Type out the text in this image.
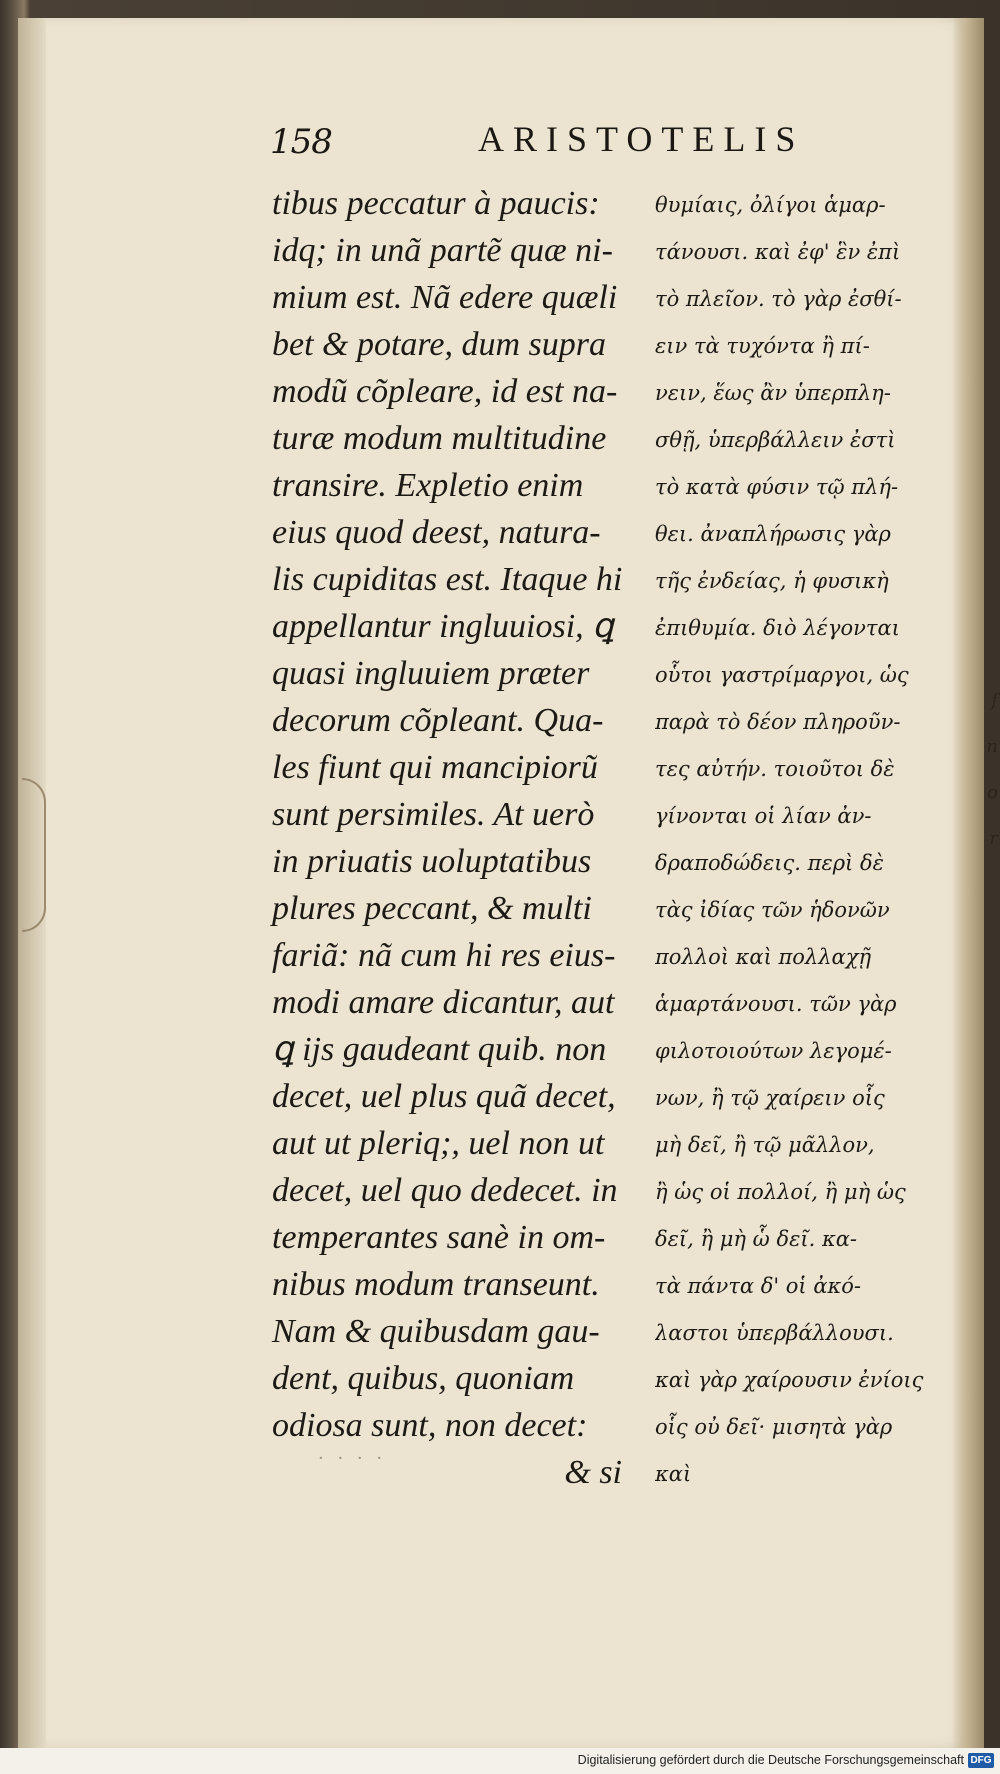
158	ARISTOTELIS
tibus peccatur à paucis:
idq; in unã partẽ quæ ni-
mium est. Nã edere quæli
bet & potare, dum supra
modũ cõpleare, id est na-
turæ modum multitudine
transire. Expletio enim
eius quod deest, natura-
lis cupiditas est. Itaque hi
appellantur ingluuiosi, ꝗ
quasi ingluuiem præter
decorum cõpleant. Qua-
les fiunt qui mancipiorũ
sunt persimiles. At uerò
in priuatis uoluptatibus
plures peccant, & multi
fariã: nã cum hi res eius-
modi amare dicantur, aut
ꝗ ijs gaudeant quib. non
decet, uel plus quã decet,
aut ut pleriq;, uel non ut
decet, uel quo dedecet. in
temperantes sanè in om-
nibus modum transeunt.
Nam & quibusdam gau-
dent, quibus, quoniam
odiosa sunt, non decet:
& si
θυμίαις, ὀλίγοι ἁμαρ-
τάνουσι. καὶ ἐφ' ἓν ἐπὶ
τὸ πλεῖον. τὸ γὰρ ἐσθί-
ειν τὰ τυχόντα ἢ πί-
νειν, ἕως ἂν ὑπερπλη-
σθῇ, ὑπερβάλλειν ἐστὶ
τὸ κατὰ φύσιν τῷ πλή-
θει. ἀναπλήρωσις γὰρ
τῆς ἐνδείας, ἡ φυσικὴ
ἐπιθυμία. διὸ λέγονται
οὗτοι γαστρίμαργοι, ὡς
παρὰ τὸ δέον πληροῦν-
τες αὐτήν. τοιοῦτοι δὲ
γίνονται οἱ λίαν ἀν-
δραποδώδεις. περὶ δὲ
τὰς ἰδίας τῶν ἡδονῶν
πολλοὶ καὶ πολλαχῇ
ἁμαρτάνουσι. τῶν γὰρ
φιλοτοιούτων λεγομέ-
νων, ἢ τῷ χαίρειν οἷς
μὴ δεῖ, ἢ τῷ μᾶλλον,
ἢ ὡς οἱ πολλοί, ἢ μὴ ὡς
δεῖ, ἢ μὴ ὧ δεῖ. κα-
τὰ πάντα δ' οἱ ἀκό-
λαστοι ὑπερβάλλουσι.
καὶ γὰρ χαίρουσιν ἐνίοις
οἷς οὐ δεῖ· μισητὰ γὰρ
καὶ
ſ
n
o
r
· · · ·
Digitalisierung gefördert durch die Deutsche Forschungsgemeinschaft DFG
